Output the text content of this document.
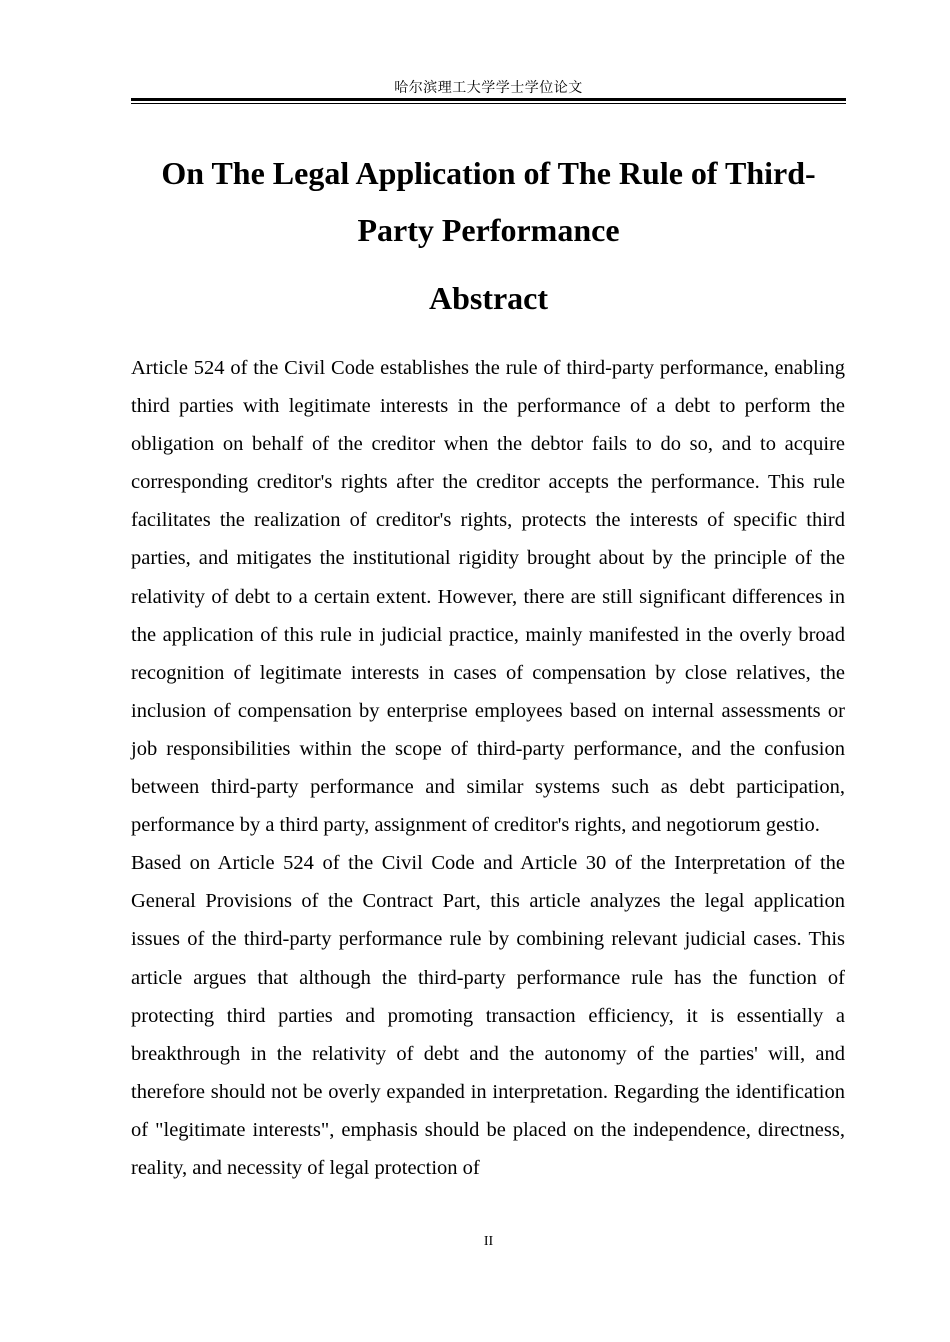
哈尔滨理工大学学士学位论文
On The Legal Application of The Rule of Third-Party Performance
Abstract

Article 524 of the Civil Code establishes the rule of third-party performance, enabling third parties with legitimate interests in the performance of a debt to perform the obligation on behalf of the creditor when the debtor fails to do so, and to acquire corresponding creditor's rights after the creditor accepts the performance. This rule facilitates the realization of creditor's rights, protects the interests of specific third parties, and mitigates the institutional rigidity brought about by the principle of the relativity of debt to a certain extent. However, there are still significant differences in the application of this rule in judicial practice, mainly manifested in the overly broad recognition of legitimate interests in cases of compensation by close relatives, the inclusion of compensation by enterprise employees based on internal assessments or job responsibilities within the scope of third-party performance, and the confusion between third-party performance and similar systems such as debt participation, performance by a third party, assignment of creditor's rights, and negotiorum gestio.

Based on Article 524 of the Civil Code and Article 30 of the Interpretation of the General Provisions of the Contract Part, this article analyzes the legal application issues of the third-party performance rule by combining relevant judicial cases. This article argues that although the third-party performance rule has the function of protecting third parties and promoting transaction efficiency, it is essentially a breakthrough in the relativity of debt and the autonomy of the parties' will, and therefore should not be overly expanded in interpretation. Regarding the identification of "legitimate interests", emphasis should be placed on the independence, directness, reality, and necessity of legal protection of

II
